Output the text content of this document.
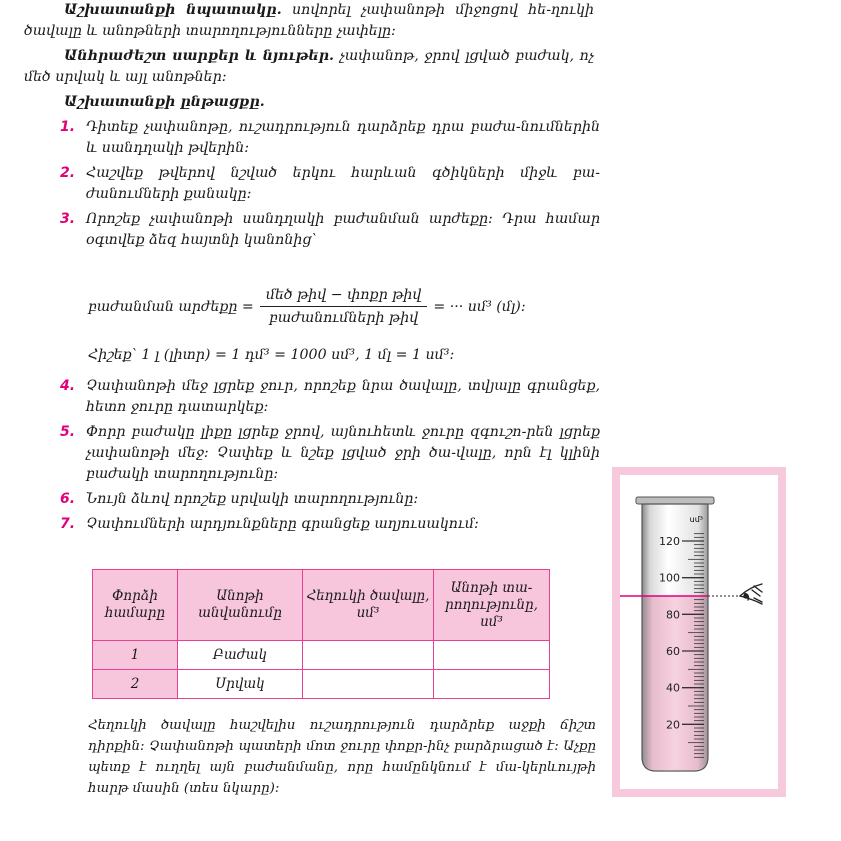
Աշխատանքի նպատակը. սովորել չափանոթի միջոցով հե-ղուկի ծավալը և անոթների տարողությունները չափելը:
Անհրաժեշտ սարքեր և նյութեր. չափանոթ, ջրով լցված բաժակ, ոչ մեծ սրվակ և այլ անոթներ:
Աշխատանքի ընթացքը.
1. Դիտեք չափանոթը, ուշադրություն դարձրեք դրա բաժա-նումներին և սանդղակի թվերին:
2. Հաշվեք թվերով նշված երկու հարևան գծիկների միջև բա-ժանումների քանակը:
3. Որոշեք չափանոթի սանդղակի բաժանման արժեքը: Դրա համար օգտվեք ձեզ հայտնի կանոնից՝
բաժանման արժեքը = $\frac{\text{մեծ թիվ − փոքր թիվ}}{\text{բաժանումների թիվ}}$ = ··· սմ³ (մլ):
Հիշեք՝ 1 լ (լիտր) = 1 դմ³ = 1000 սմ³, 1 մլ = 1 սմ³:
4. Չափանոթի մեջ լցրեք ջուր, որոշեք նրա ծավալը, տվյալը գրանցեք, հետո ջուրը դատարկեք:
5. Փորր բաժակը լիքը լցրեք ջրով, այնուհետև ջուրը զգուշո-րեն լցրեք չափանոթի մեջ: Չափեք և նշեք լցված ջրի ծա-վալը, որն էլ կլինի բաժակի տարողությունը:
6. Նույն ձևով որոշեք սրվակի տարողությունը:
7. Չափումների արդյունքները գրանցեք աղյուսակում:
Փորձի համարը	Անոթի անվանումը	Հեղուկի ծավալը, սմ³	Անոթի տա-րողությունը, սմ³
1	Բաժակ		
2	Սրվակ		
Հեղուկի ծավալը հաշվելիս ուշադրություն դարձրեք աջքի ճիշտ դիրքին: Չափանոթի պատերի մոտ ջուրը փոքր-ինչ բարձրացած է: Աչքը պետք է ուղղել այն բաժանմանը, որը համընկնում է մա-կերևույթի հարթ մասին (տես նկարը):
120
100
80
60
40
20
սմ³
